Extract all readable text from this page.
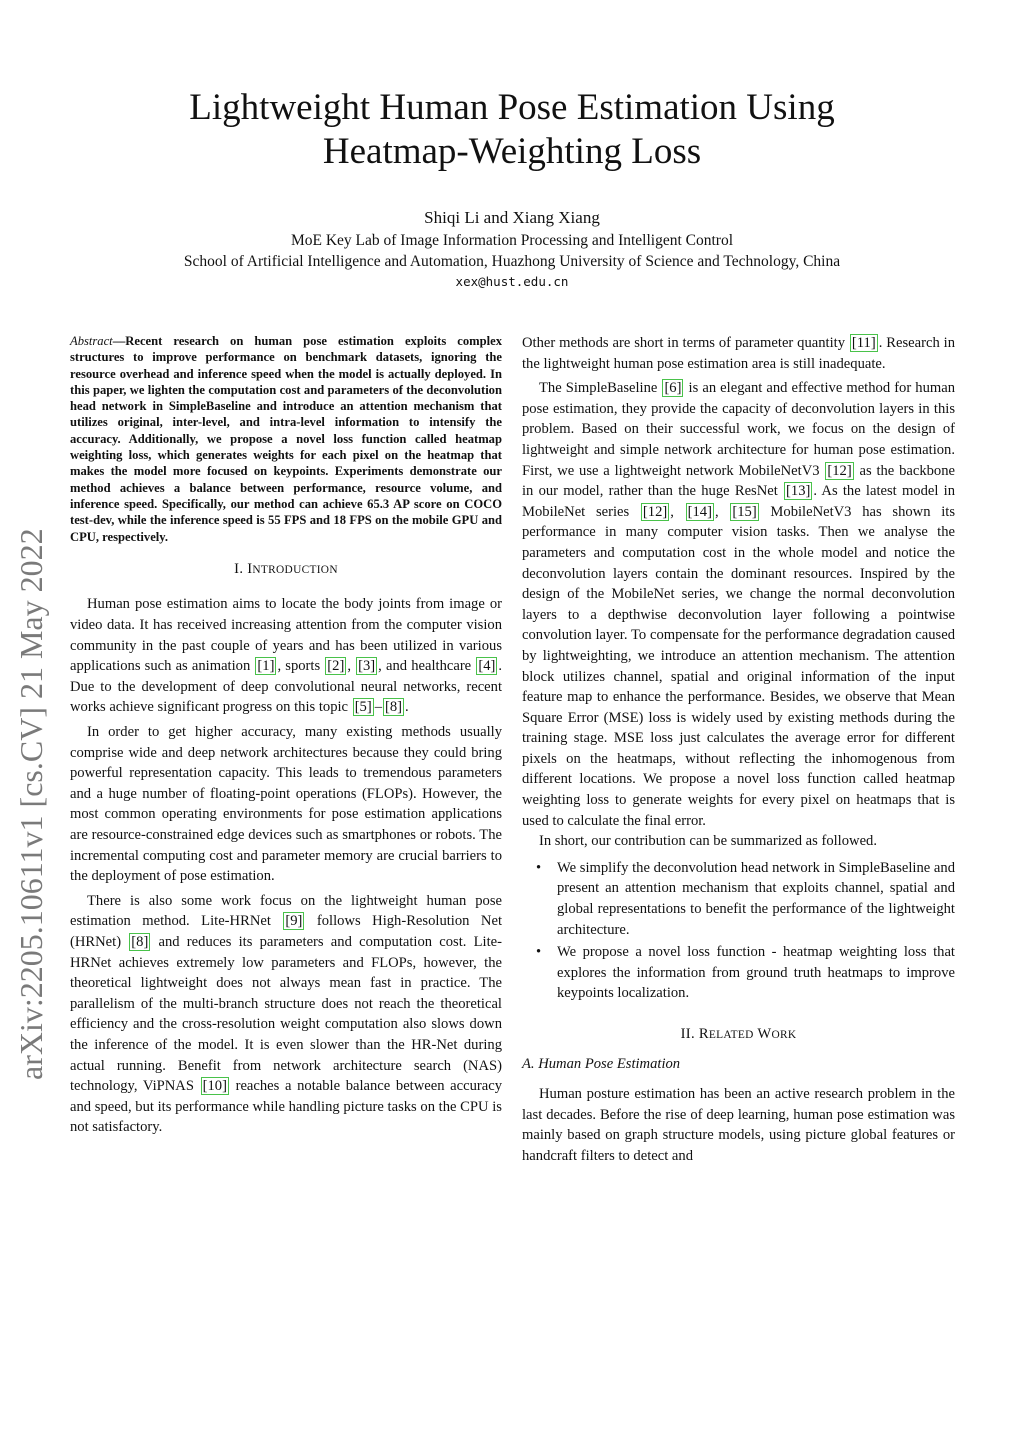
Lightweight Human Pose Estimation Using
Heatmap-Weighting Loss
Shiqi Li and Xiang Xiang
MoE Key Lab of Image Information Processing and Intelligent Control
School of Artificial Intelligence and Automation, Huazhong University of Science and Technology, China
xex@hust.edu.cn
arXiv:2205.10611v1 [cs.CV] 21 May 2022

Abstract—Recent research on human pose estimation exploits complex structures to improve performance on benchmark datasets, ignoring the resource overhead and inference speed when the model is actually deployed. In this paper, we lighten the computation cost and parameters of the deconvolution head network in SimpleBaseline and introduce an attention mechanism that utilizes original, inter-level, and intra-level information to intensify the accuracy. Additionally, we propose a novel loss function called heatmap weighting loss, which generates weights for each pixel on the heatmap that makes the model more focused on keypoints. Experiments demonstrate our method achieves a balance between performance, resource volume, and inference speed. Specifically, our method can achieve 65.3 AP score on COCO test-dev, while the inference speed is 55 FPS and 18 FPS on the mobile GPU and CPU, respectively.

I. INTRODUCTION

Human pose estimation aims to locate the body joints from image or video data. It has received increasing attention from the computer vision community in the past couple of years and has been utilized in various applications such as animation [1] , sports [2] , [3] , and healthcare [4] . Due to the development of deep convolutional neural networks, recent works achieve significant progress on this topic [5] – [8] .

In order to get higher accuracy, many existing methods usually comprise wide and deep network architectures because they could bring powerful representation capacity. This leads to tremendous parameters and a huge number of floating-point operations (FLOPs). However, the most common operating environments for pose estimation applications are resource-constrained edge devices such as smartphones or robots. The incremental computing cost and parameter memory are crucial barriers to the deployment of pose estimation.

There is also some work focus on the lightweight human pose estimation method. Lite-HRNet [9] follows High-Resolution Net (HRNet) [8] and reduces its parameters and computation cost. Lite-HRNet achieves extremely low parameters and FLOPs, however, the theoretical lightweight does not always mean fast in practice. The parallelism of the multi-branch structure does not reach the theoretical efficiency and the cross-resolution weight computation also slows down the inference of the model. It is even slower than the HR-Net during actual running. Benefit from network architecture search (NAS) technology, ViPNAS [10] reaches a notable balance between accuracy and speed, but its performance while handling picture tasks on the CPU is not satisfactory.

Other methods are short in terms of parameter quantity [11] . Research in the lightweight human pose estimation area is still inadequate.

The SimpleBaseline [6] is an elegant and effective method for human pose estimation, they provide the capacity of deconvolution layers in this problem. Based on their successful work, we focus on the design of lightweight and simple network architecture for human pose estimation. First, we use a lightweight network MobileNetV3 [12] as the backbone in our model, rather than the huge ResNet [13] . As the latest model in MobileNet series [12] , [14] , [15] MobileNetV3 has shown its performance in many computer vision tasks. Then we analyse the parameters and computation cost in the whole model and notice the deconvolution layers contain the dominant resources. Inspired by the design of the MobileNet series, we change the normal deconvolution layers to a depthwise deconvolution layer following a pointwise convolution layer. To compensate for the performance degradation caused by lightweighting, we introduce an attention mechanism. The attention block utilizes channel, spatial and original information of the input feature map to enhance the performance. Besides, we observe that Mean Square Error (MSE) loss is widely used by existing methods during the training stage. MSE loss just calculates the average error for different pixels on the heatmaps, without reflecting the inhomogenous from different locations. We propose a novel loss function called heatmap weighting loss to generate weights for every pixel on heatmaps that is used to calculate the final error.

In short, our contribution can be summarized as followed.

• We simplify the deconvolution head network in SimpleBaseline and present an attention mechanism that exploits channel, spatial and global representations to benefit the performance of the lightweight architecture.
• We propose a novel loss function - heatmap weighting loss that explores the information from ground truth heatmaps to improve keypoints localization.

II. RELATED WORK

A. Human Pose Estimation

Human posture estimation has been an active research problem in the last decades. Before the rise of deep learning, human pose estimation was mainly based on graph structure models, using picture global features or handcraft filters to detect and
